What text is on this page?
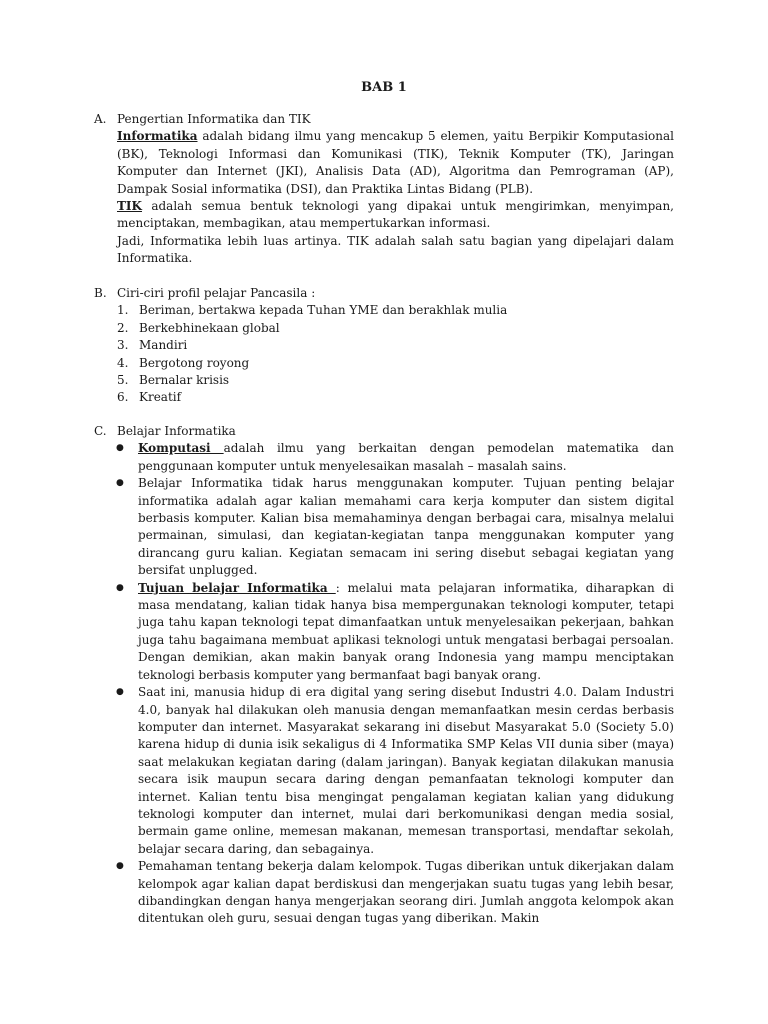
BAB 1
A. Pengertian Informatika dan TIK
Informatika adalah bidang ilmu yang mencakup 5 elemen, yaitu Berpikir Komputasional (BK), Teknologi Informasi dan Komunikasi (TIK), Teknik Komputer (TK), Jaringan Komputer dan Internet (JKI), Analisis Data (AD), Algoritma dan Pemrograman (AP), Dampak Sosial informatika (DSI), dan Praktika Lintas Bidang (PLB).
TIK adalah semua bentuk teknologi yang dipakai untuk mengirimkan, menyimpan, menciptakan, membagikan, atau mempertukarkan informasi.
Jadi, Informatika lebih luas artinya. TIK adalah salah satu bagian yang dipelajari dalam Informatika.
B. Ciri-ciri profil pelajar Pancasila :
1. Beriman, bertakwa kepada Tuhan YME dan berakhlak mulia
2. Berkebhinekaan global
3. Mandiri
4. Bergotong royong
5. Bernalar krisis
6. Kreatif
C. Belajar Informatika
●	Komputasi adalah ilmu yang berkaitan dengan pemodelan matematika dan penggunaan komputer untuk menyelesaikan masalah – masalah sains.
●	Belajar Informatika tidak harus menggunakan komputer. Tujuan penting belajar informatika adalah agar kalian memahami cara kerja komputer dan sistem digital berbasis komputer. Kalian bisa memahaminya dengan berbagai cara, misalnya melalui permainan, simulasi, dan kegiatan-kegiatan tanpa menggunakan komputer yang dirancang guru kalian. Kegiatan semacam ini sering disebut sebagai kegiatan yang bersifat unplugged.
●	Tujuan belajar Informatika : melalui mata pelajaran informatika, diharapkan di masa mendatang, kalian tidak hanya bisa mempergunakan teknologi komputer, tetapi juga tahu kapan teknologi tepat dimanfaatkan untuk menyelesaikan pekerjaan, bahkan juga tahu bagaimana membuat aplikasi teknologi untuk mengatasi berbagai persoalan. Dengan demikian, akan makin banyak orang Indonesia yang mampu menciptakan teknologi berbasis komputer yang bermanfaat bagi banyak orang.
●	Saat ini, manusia hidup di era digital yang sering disebut Industri 4.0. Dalam Industri 4.0, banyak hal dilakukan oleh manusia dengan memanfaatkan mesin cerdas berbasis komputer dan internet. Masyarakat sekarang ini disebut Masyarakat 5.0 (Society 5.0) karena hidup di dunia isik sekaligus di 4 Informatika SMP Kelas VII dunia siber (maya) saat melakukan kegiatan daring (dalam jaringan). Banyak kegiatan dilakukan manusia secara isik maupun secara daring dengan pemanfaatan teknologi komputer dan internet. Kalian tentu bisa mengingat pengalaman kegiatan kalian yang didukung teknologi komputer dan internet, mulai dari berkomunikasi dengan media sosial, bermain game online, memesan makanan, memesan transportasi, mendaftar sekolah, belajar secara daring, dan sebagainya.
●	Pemahaman tentang bekerja dalam kelompok. Tugas diberikan untuk dikerjakan dalam kelompok agar kalian dapat berdiskusi dan mengerjakan suatu tugas yang lebih besar, dibandingkan dengan hanya mengerjakan seorang diri. Jumlah anggota kelompok akan ditentukan oleh guru, sesuai dengan tugas yang diberikan. Makin
